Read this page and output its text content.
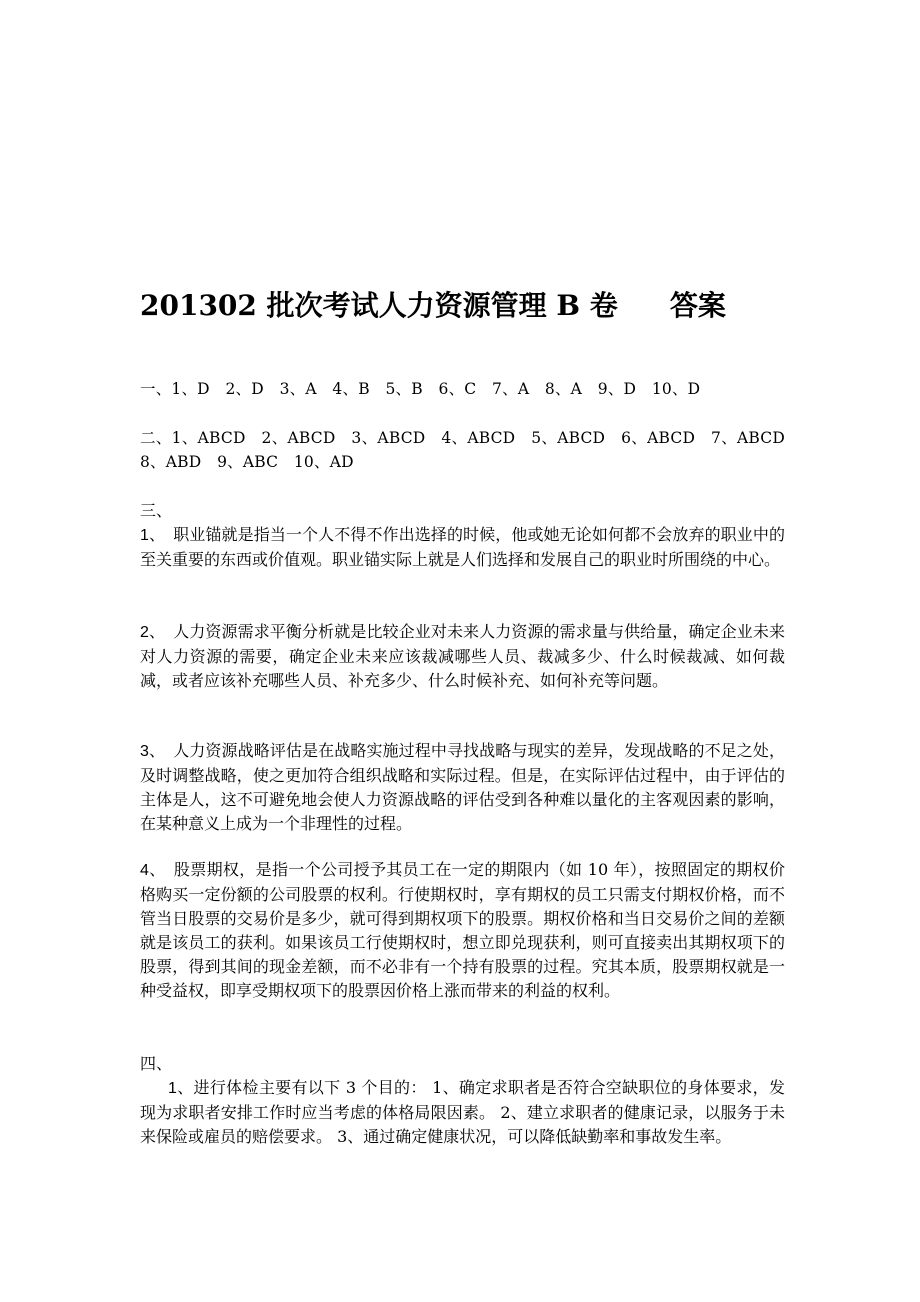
201302 批次考试人力资源管理 B 卷 答案
一、1、D　2、D　3、A　4、B　5、B　6、C　7、A　8、A　9、D　10、D
二、1、ABCD　2、ABCD　3、ABCD　4、ABCD　5、ABCD　6、ABCD　7、ABCD　8、ABD　9、ABC　10、AD
三、
1、　 职业锚就是指当一个人不得不作出选择的时候，他或她无论如何都不会放弃的职业中的至关重要的东西或价值观。职业锚实际上就是人们选择和发展自己的职业时所围绕的中心。
2、　 人力资源需求平衡分析就是比较企业对未来人力资源的需求量与供给量，确定企业未来对人力资源的需要，确定企业未来应该裁减哪些人员、裁减多少、什么时候裁减、如何裁减，或者应该补充哪些人员、补充多少、什么时候补充、如何补充等问题。
3、　 人力资源战略评估是在战略实施过程中寻找战略与现实的差异，发现战略的不足之处，及时调整战略，使之更加符合组织战略和实际过程。但是，在实际评估过程中，由于评估的主体是人，这不可避免地会使人力资源战略的评估受到各种难以量化的主客观因素的影响，在某种意义上成为一个非理性的过程。
4、　 股票期权，是指一个公司授予其员工在一定的期限内（如 10 年），按照固定的期权价格购买一定份额的公司股票的权利。行使期权时，享有期权的员工只需支付期权价格，而不管当日股票的交易价是多少，就可得到期权项下的股票。期权价格和当日交易价之间的差额就是该员工的获利。如果该员工行使期权时，想立即兑现获利，则可直接卖出其期权项下的股票，得到其间的现金差额，而不必非有一个持有股票的过程。究其本质，股票期权就是一种受益权，即享受期权项下的股票因价格上涨而带来的利益的权利。
四、
1、进行体检主要有以下 3 个目的： 1、确定求职者是否符合空缺职位的身体要求，发现为求职者安排工作时应当考虑的体格局限因素。 2、建立求职者的健康记录，以服务于未来保险或雇员的赔偿要求。 3、通过确定健康状况，可以降低缺勤率和事故发生率。
